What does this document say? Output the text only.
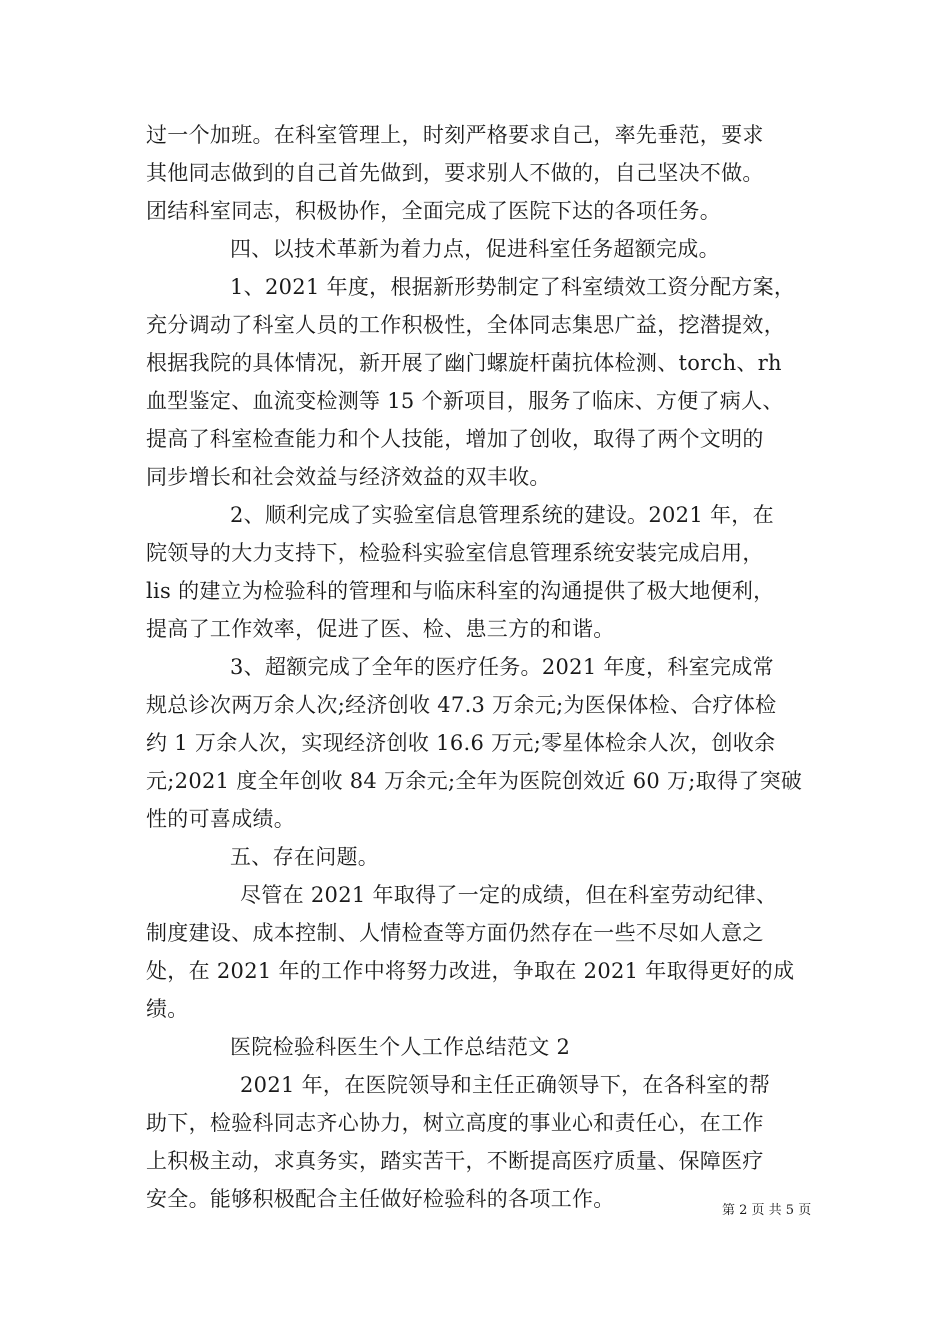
过一个加班。在科室管理上，时刻严格要求自己，率先垂范，要求
其他同志做到的自己首先做到，要求别人不做的，自己坚决不做。
团结科室同志，积极协作，全面完成了医院下达的各项任务。
四、以技术革新为着力点，促进科室任务超额完成。
1、2021 年度，根据新形势制定了科室绩效工资分配方案，
充分调动了科室人员的工作积极性，全体同志集思广益，挖潜提效，
根据我院的具体情况，新开展了幽门螺旋杆菌抗体检测、torch、rh
血型鉴定、血流变检测等 15 个新项目，服务了临床、方便了病人、
提高了科室检查能力和个人技能，增加了创收，取得了两个文明的
同步增长和社会效益与经济效益的双丰收。
2、顺利完成了实验室信息管理系统的建设。2021 年，在
院领导的大力支持下，检验科实验室信息管理系统安装完成启用，
lis 的建立为检验科的管理和与临床科室的沟通提供了极大地便利，
提高了工作效率，促进了医、检、患三方的和谐。
3、超额完成了全年的医疗任务。2021 年度，科室完成常
规总诊次两万余人次;经济创收 47.3 万余元;为医保体检、合疗体检
约 1 万余人次，实现经济创收 16.6 万元;零星体检余人次，创收余
元;2021 度全年创收 84 万余元;全年为医院创效近 60 万;取得了突破
性的可喜成绩。
五、存在问题。
尽管在 2021 年取得了一定的成绩，但在科室劳动纪律、
制度建设、成本控制、人情检查等方面仍然存在一些不尽如人意之
处，在 2021 年的工作中将努力改进，争取在 2021 年取得更好的成
绩。
医院检验科医生个人工作总结范文 2
2021 年，在医院领导和主任正确领导下，在各科室的帮
助下，检验科同志齐心协力，树立高度的事业心和责任心，在工作
上积极主动，求真务实，踏实苦干，不断提高医疗质量、保障医疗
安全。能够积极配合主任做好检验科的各项工作。	第 2 页 共 5 页
